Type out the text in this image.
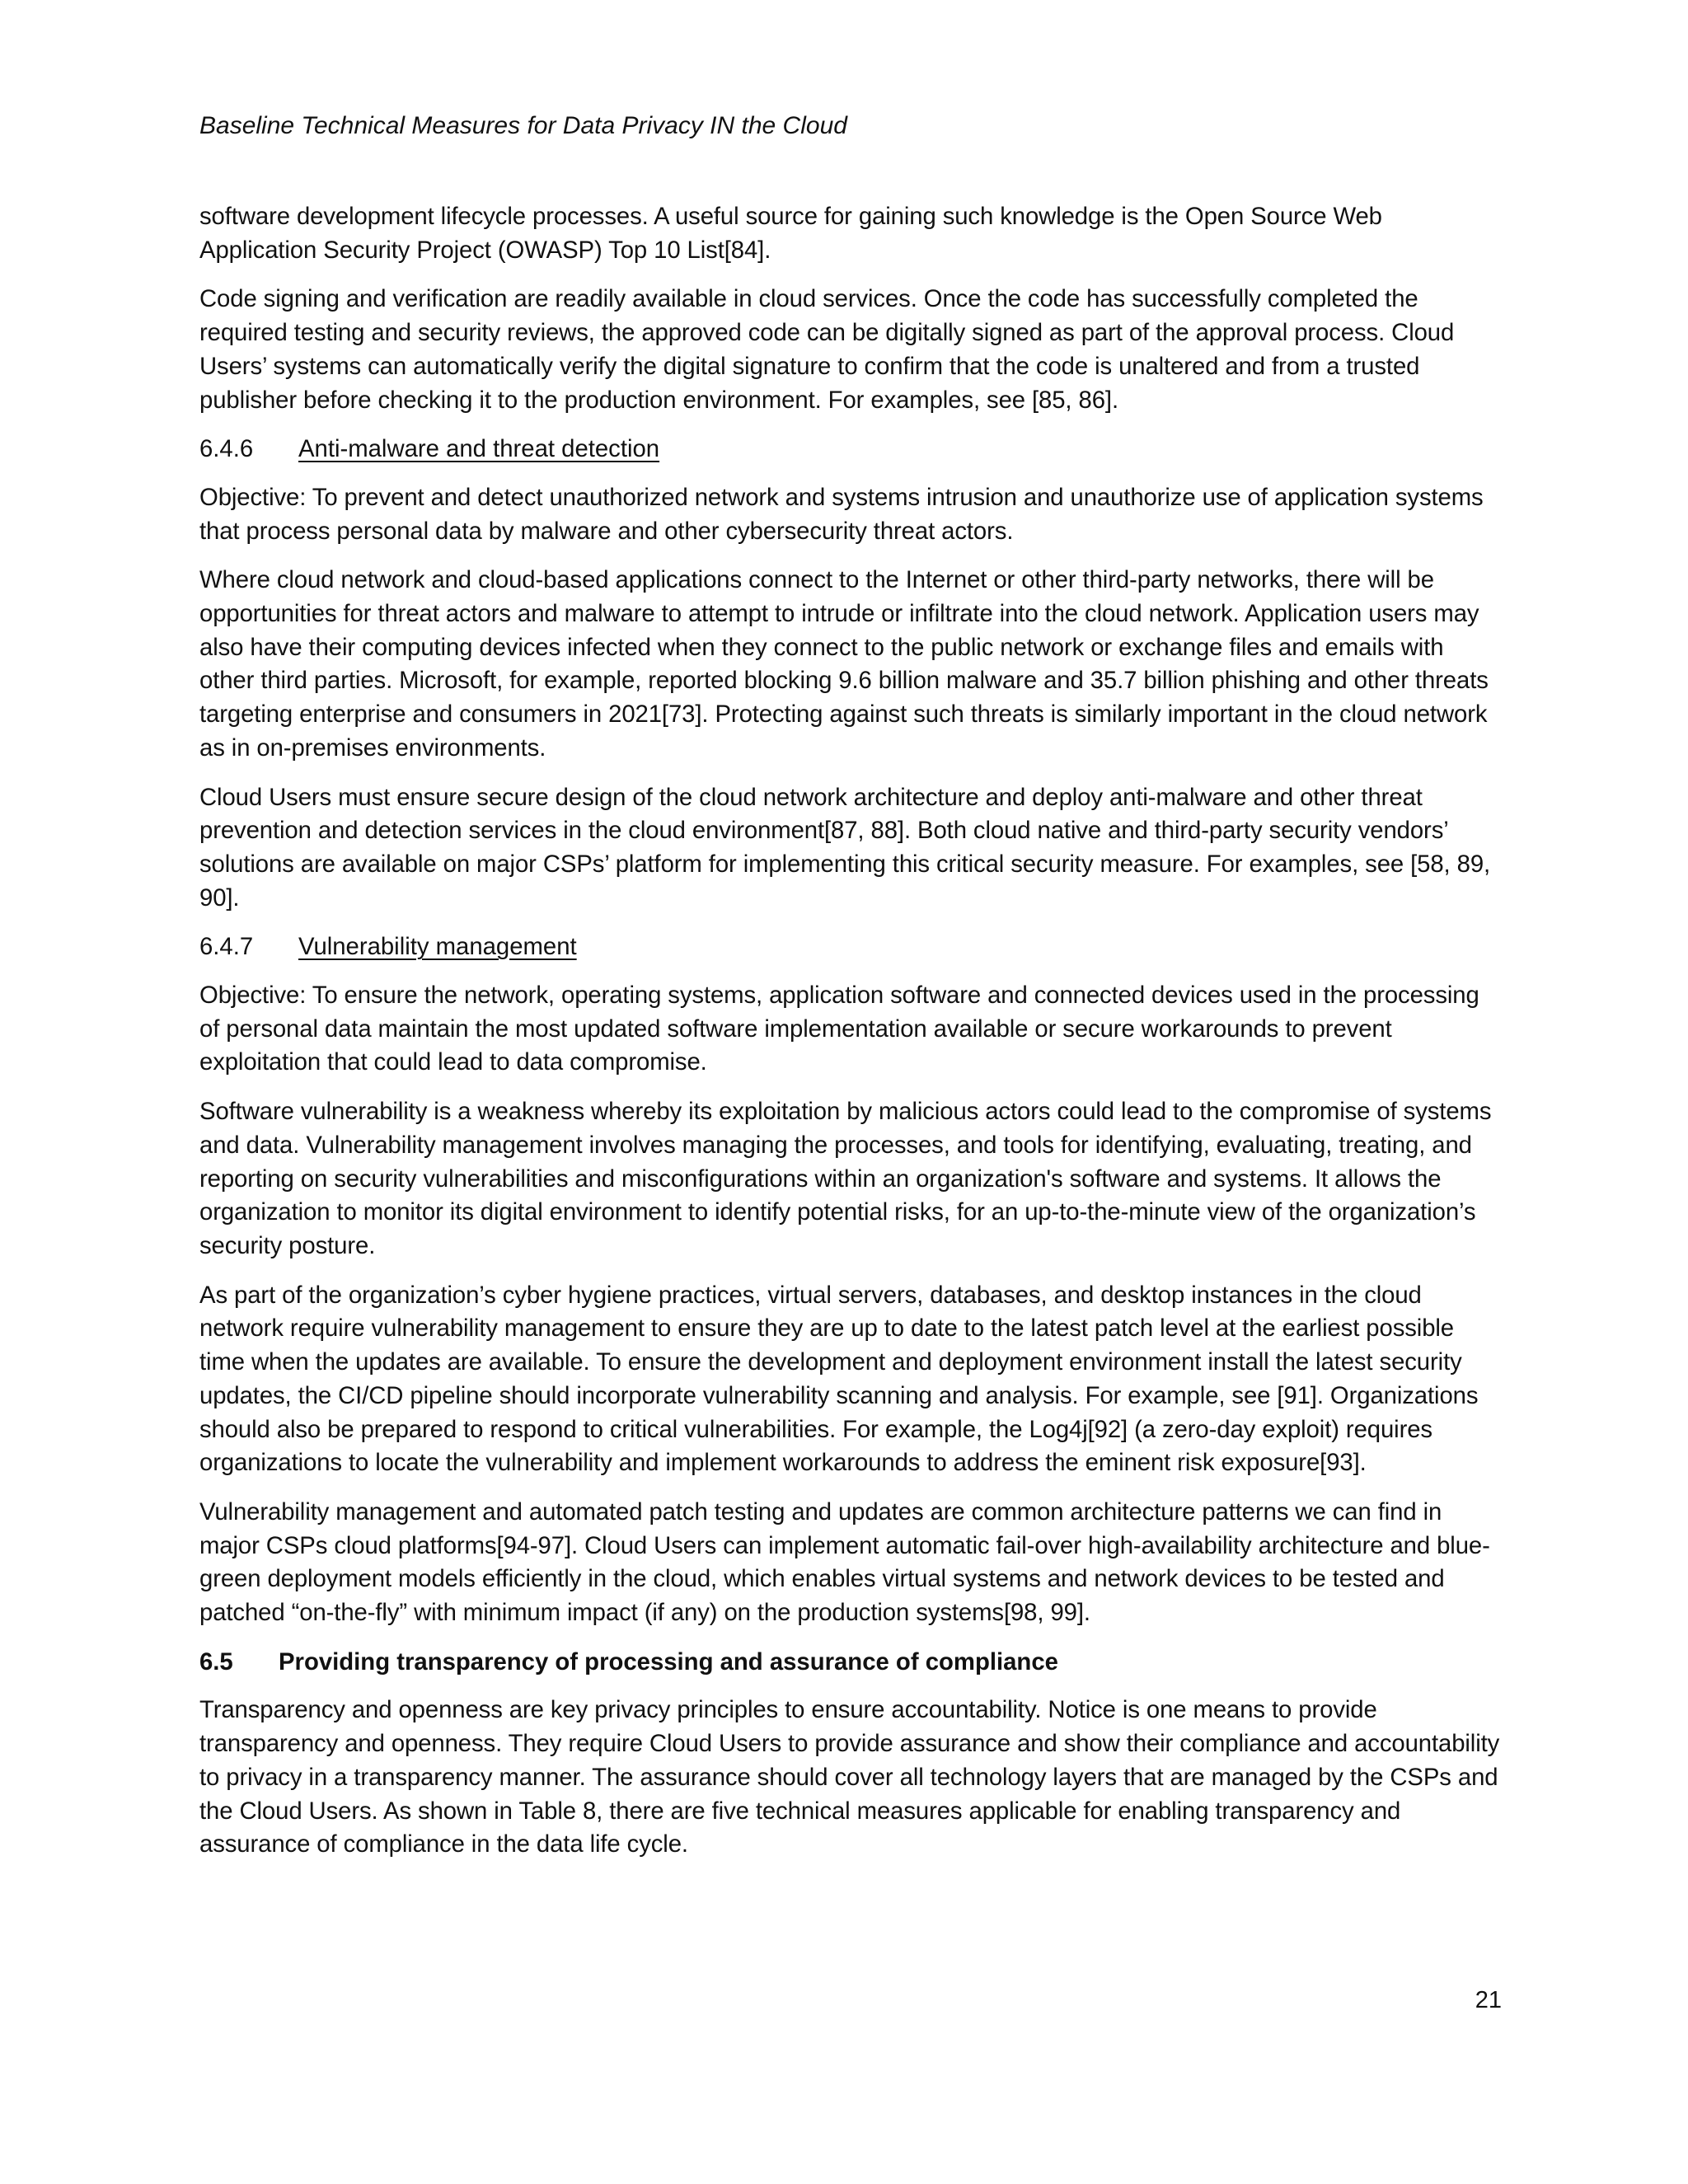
Baseline Technical Measures for Data Privacy IN the Cloud

software development lifecycle processes. A useful source for gaining such knowledge is the Open Source Web Application Security Project (OWASP) Top 10 List[84].

Code signing and verification are readily available in cloud services. Once the code has successfully completed the required testing and security reviews, the approved code can be digitally signed as part of the approval process. Cloud Users’ systems can automatically verify the digital signature to confirm that the code is unaltered and from a trusted publisher before checking it to the production environment. For examples, see [85, 86].

6.4.6 Anti-malware and threat detection

Objective: To prevent and detect unauthorized network and systems intrusion and unauthorize use of application systems that process personal data by malware and other cybersecurity threat actors.

Where cloud network and cloud-based applications connect to the Internet or other third-party networks, there will be opportunities for threat actors and malware to attempt to intrude or infiltrate into the cloud network. Application users may also have their computing devices infected when they connect to the public network or exchange files and emails with other third parties. Microsoft, for example, reported blocking 9.6 billion malware and 35.7 billion phishing and other threats targeting enterprise and consumers in 2021[73]. Protecting against such threats is similarly important in the cloud network as in on-premises environments.

Cloud Users must ensure secure design of the cloud network architecture and deploy anti-malware and other threat prevention and detection services in the cloud environment[87, 88]. Both cloud native and third-party security vendors’ solutions are available on major CSPs’ platform for implementing this critical security measure. For examples, see [58, 89, 90].

6.4.7 Vulnerability management

Objective: To ensure the network, operating systems, application software and connected devices used in the processing of personal data maintain the most updated software implementation available or secure workarounds to prevent exploitation that could lead to data compromise.

Software vulnerability is a weakness whereby its exploitation by malicious actors could lead to the compromise of systems and data. Vulnerability management involves managing the processes, and tools for identifying, evaluating, treating, and reporting on security vulnerabilities and misconfigurations within an organization's software and systems. It allows the organization to monitor its digital environment to identify potential risks, for an up-to-the-minute view of the organization’s security posture.

As part of the organization’s cyber hygiene practices, virtual servers, databases, and desktop instances in the cloud network require vulnerability management to ensure they are up to date to the latest patch level at the earliest possible time when the updates are available. To ensure the development and deployment environment install the latest security updates, the CI/CD pipeline should incorporate vulnerability scanning and analysis. For example, see [91]. Organizations should also be prepared to respond to critical vulnerabilities. For example, the Log4j[92] (a zero-day exploit) requires organizations to locate the vulnerability and implement workarounds to address the eminent risk exposure[93].

Vulnerability management and automated patch testing and updates are common architecture patterns we can find in major CSPs cloud platforms[94-97]. Cloud Users can implement automatic fail-over high-availability architecture and blue-green deployment models efficiently in the cloud, which enables virtual systems and network devices to be tested and patched “on-the-fly” with minimum impact (if any) on the production systems[98, 99].

6.5 Providing transparency of processing and assurance of compliance

Transparency and openness are key privacy principles to ensure accountability. Notice is one means to provide transparency and openness. They require Cloud Users to provide assurance and show their compliance and accountability to privacy in a transparency manner. The assurance should cover all technology layers that are managed by the CSPs and the Cloud Users. As shown in Table 8, there are five technical measures applicable for enabling transparency and assurance of compliance in the data life cycle.

21
